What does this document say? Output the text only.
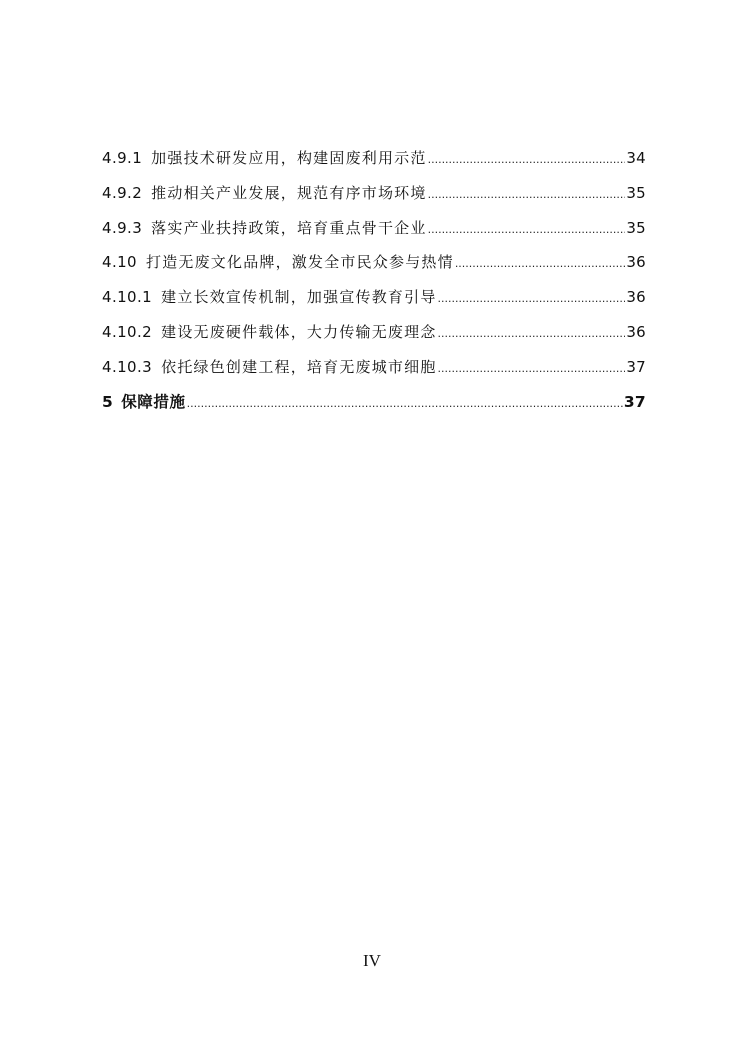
4.9.1 加强技术研发应用，构建固废利用示范 .....	34
4.9.2 推动相关产业发展，规范有序市场环境 .....	35
4.9.3 落实产业扶持政策，培育重点骨干企业 .....	35
4.10 打造无废文化品牌，激发全市民众参与热情 .....	36
4.10.1 建立长效宣传机制，加强宣传教育引导 .....	36
4.10.2 建设无废硬件载体，大力传输无废理念 .....	36
4.10.3 依托绿色创建工程，培育无废城市细胞 .....	37
5 保障措施 .....	37
IV
